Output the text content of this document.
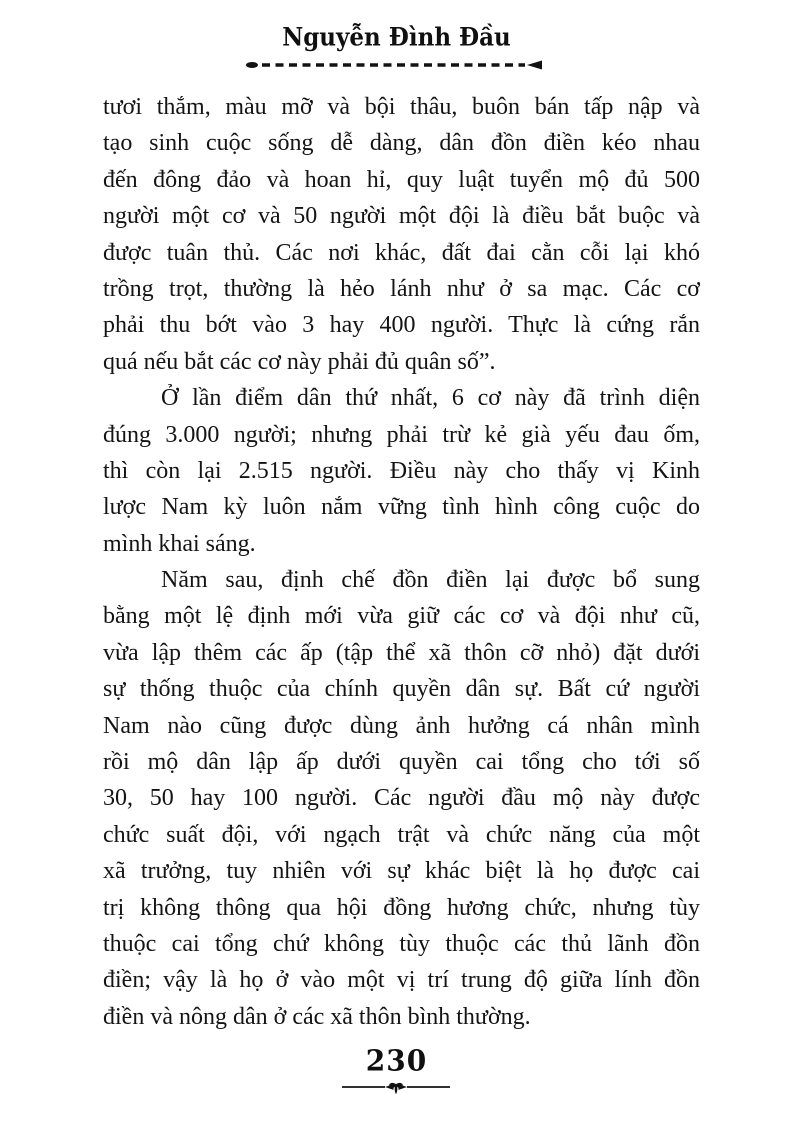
Nguyễn Đình Đầu
tươi thắm, màu mỡ và bội thâu, buôn bán tấp nập và
tạo sinh cuộc sống dễ dàng, dân đồn điền kéo nhau
đến đông đảo và hoan hỉ, quy luật tuyển mộ đủ 500
người một cơ và 50 người một đội là điều bắt buộc và
được tuân thủ. Các nơi khác, đất đai cằn cỗi lại khó
trồng trọt, thường là hẻo lánh như ở sa mạc. Các cơ
phải thu bớt vào 3 hay 400 người. Thực là cứng rắn
quá nếu bắt các cơ này phải đủ quân số”.
Ở lần điểm dân thứ nhất, 6 cơ này đã trình diện
đúng 3.000 người; nhưng phải trừ kẻ già yếu đau ốm,
thì còn lại 2.515 người. Điều này cho thấy vị Kinh
lược Nam kỳ luôn nắm vững tình hình công cuộc do
mình khai sáng.
Năm sau, định chế đồn điền lại được bổ sung
bằng một lệ định mới vừa giữ các cơ và đội như cũ,
vừa lập thêm các ấp (tập thể xã thôn cỡ nhỏ) đặt dưới
sự thống thuộc của chính quyền dân sự. Bất cứ người
Nam nào cũng được dùng ảnh hưởng cá nhân mình
rồi mộ dân lập ấp dưới quyền cai tổng cho tới số
30, 50 hay 100 người. Các người đầu mộ này được
chức suất đội, với ngạch trật và chức năng của một
xã trưởng, tuy nhiên với sự khác biệt là họ được cai
trị không thông qua hội đồng hương chức, nhưng tùy
thuộc cai tổng chứ không tùy thuộc các thủ lãnh đồn
điền; vậy là họ ở vào một vị trí trung độ giữa lính đồn
điền và nông dân ở các xã thôn bình thường.
230
